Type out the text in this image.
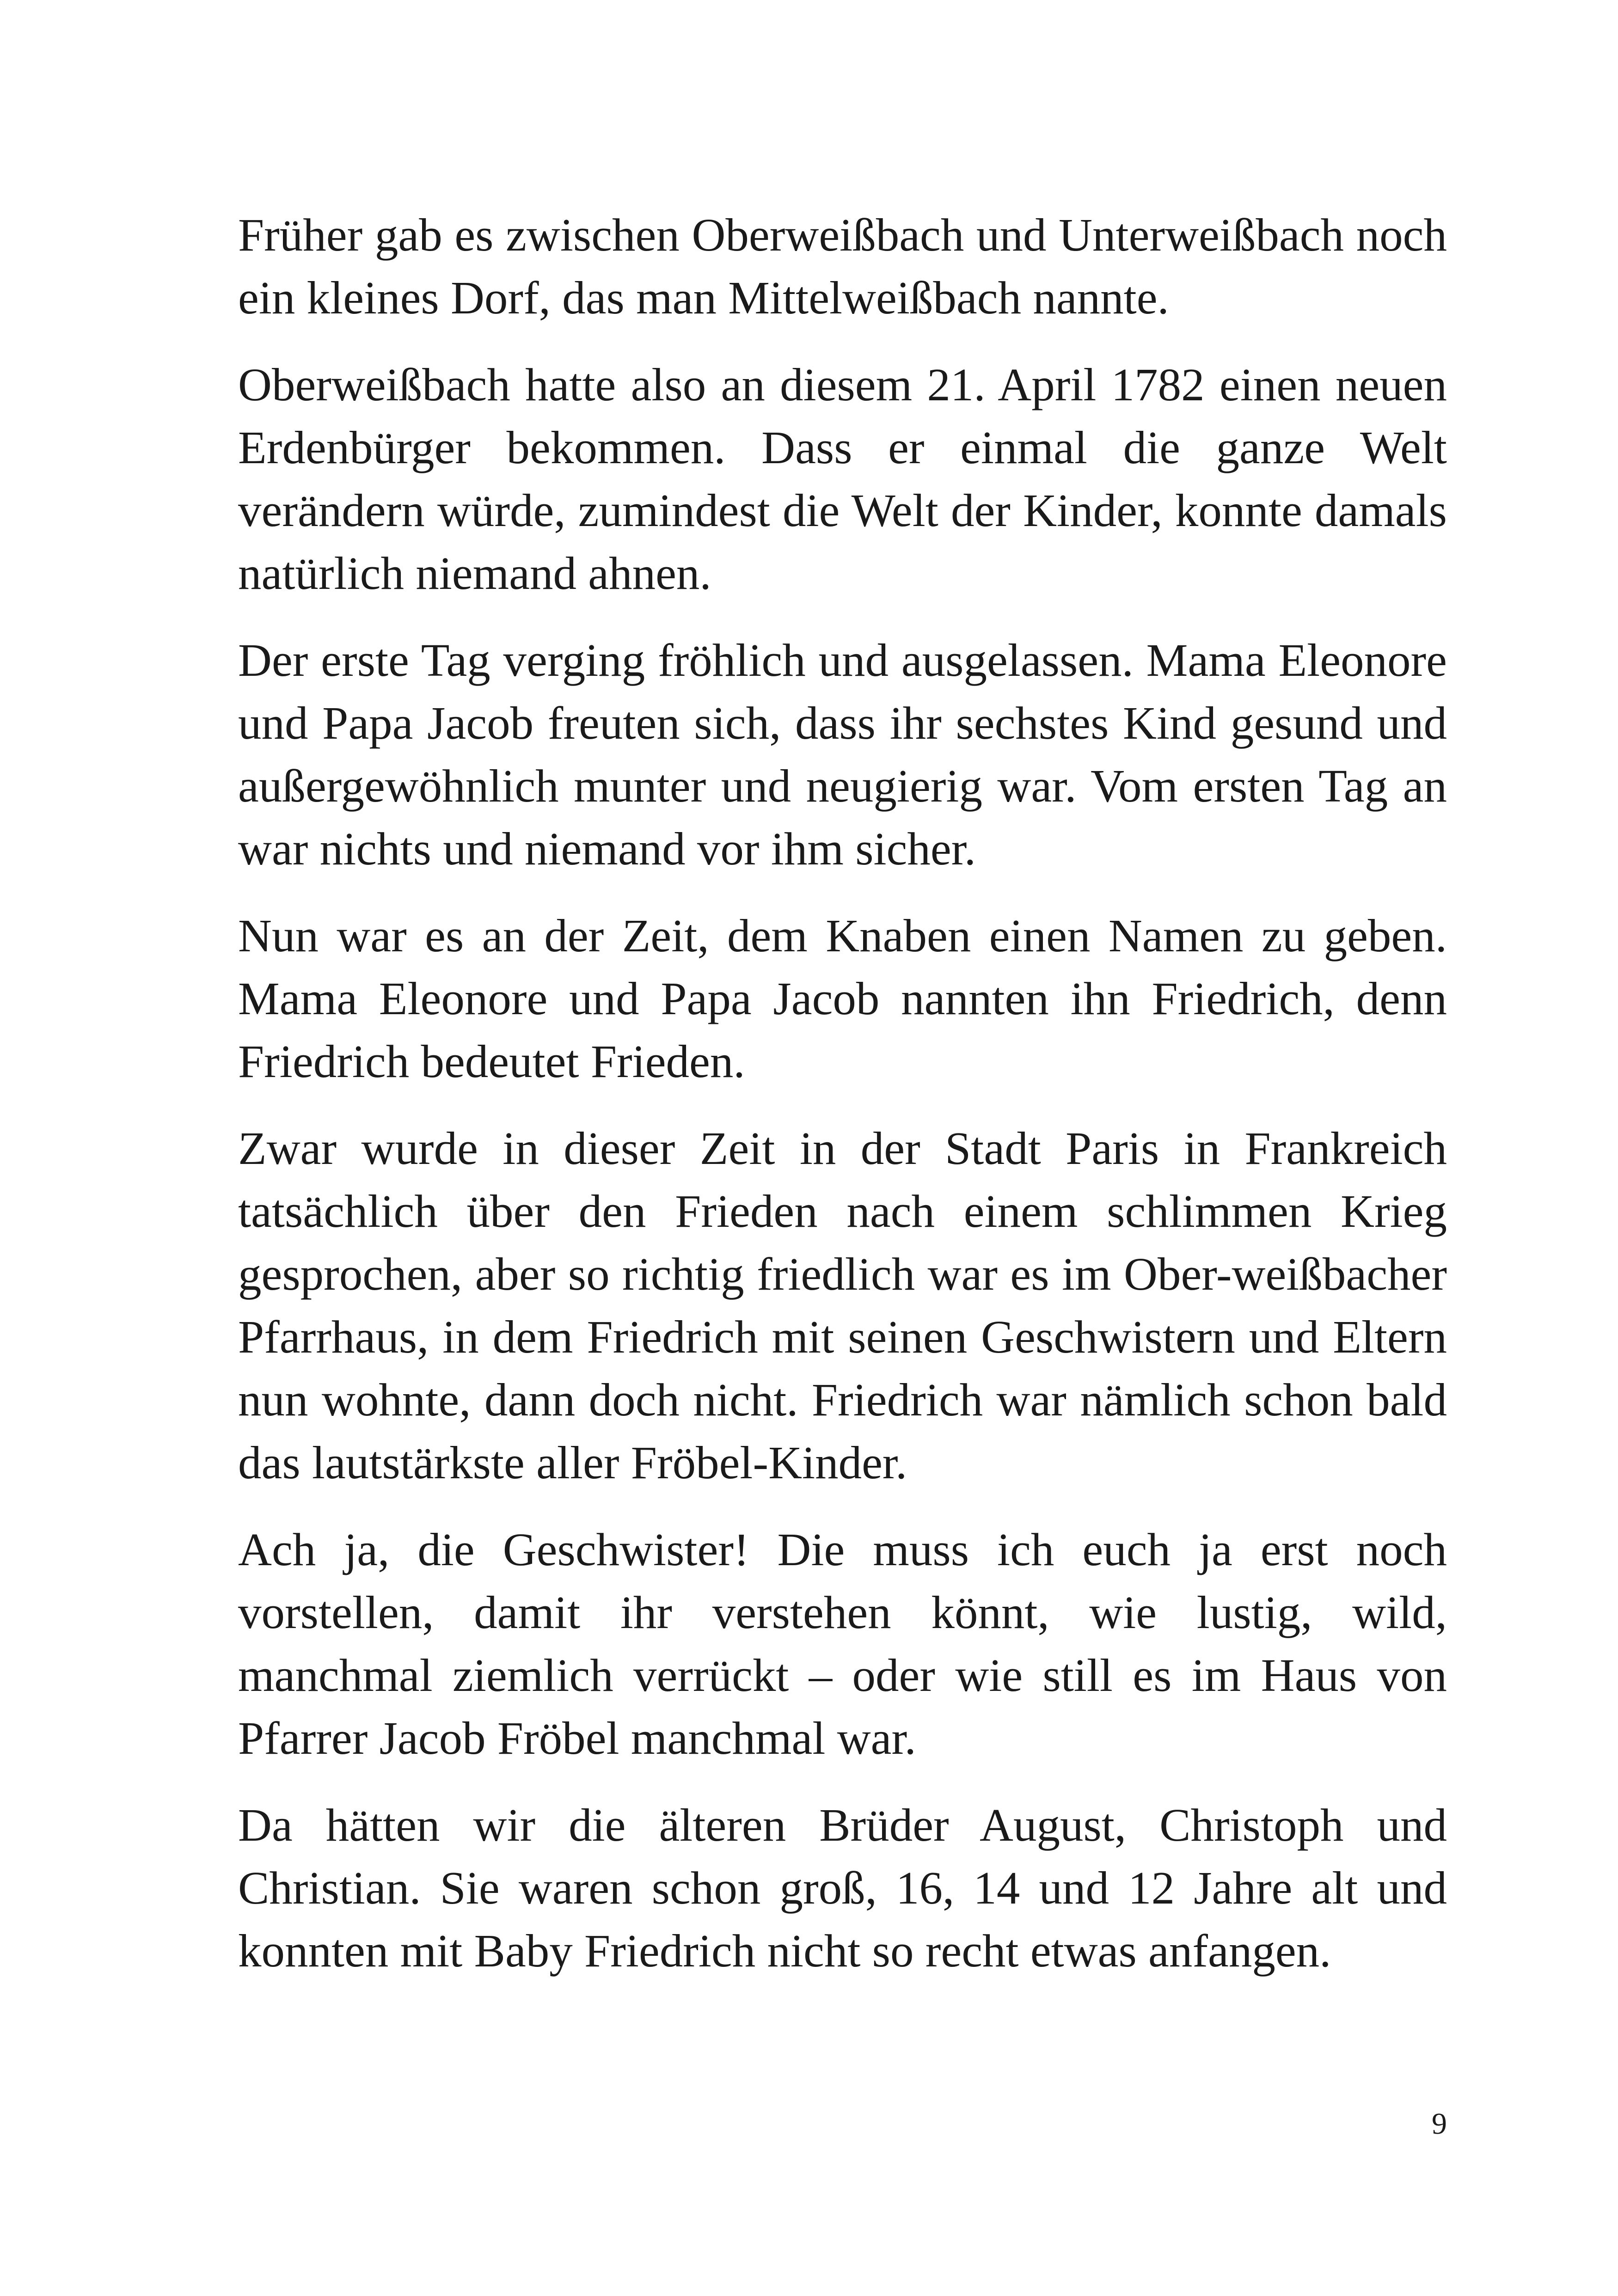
Früher gab es zwischen Oberweißbach und Unterweißbach noch ein kleines Dorf, das man Mittelweißbach nannte.

Oberweißbach hatte also an diesem 21. April 1782 einen neuen Erdenbürger bekommen. Dass er einmal die ganze Welt verändern würde, zumindest die Welt der Kinder, konnte damals natürlich niemand ahnen.

Der erste Tag verging fröhlich und ausgelassen. Mama Eleonore und Papa Jacob freuten sich, dass ihr sechstes Kind gesund und außergewöhnlich munter und neugierig war. Vom ersten Tag an war nichts und niemand vor ihm sicher.

Nun war es an der Zeit, dem Knaben einen Namen zu geben. Mama Eleonore und Papa Jacob nannten ihn Friedrich, denn Friedrich bedeutet Frieden.

Zwar wurde in dieser Zeit in der Stadt Paris in Frankreich tatsächlich über den Frieden nach einem schlimmen Krieg gesprochen, aber so richtig friedlich war es im Ober-weißbacher Pfarrhaus, in dem Friedrich mit seinen Geschwistern und Eltern nun wohnte, dann doch nicht. Friedrich war nämlich schon bald das lautstärkste aller Fröbel-Kinder.

Ach ja, die Geschwister! Die muss ich euch ja erst noch vorstellen, damit ihr verstehen könnt, wie lustig, wild, manchmal ziemlich verrückt – oder wie still es im Haus von Pfarrer Jacob Fröbel manchmal war.

Da hätten wir die älteren Brüder August, Christoph und Christian. Sie waren schon groß, 16, 14 und 12 Jahre alt und konnten mit Baby Friedrich nicht so recht etwas anfangen.

9
